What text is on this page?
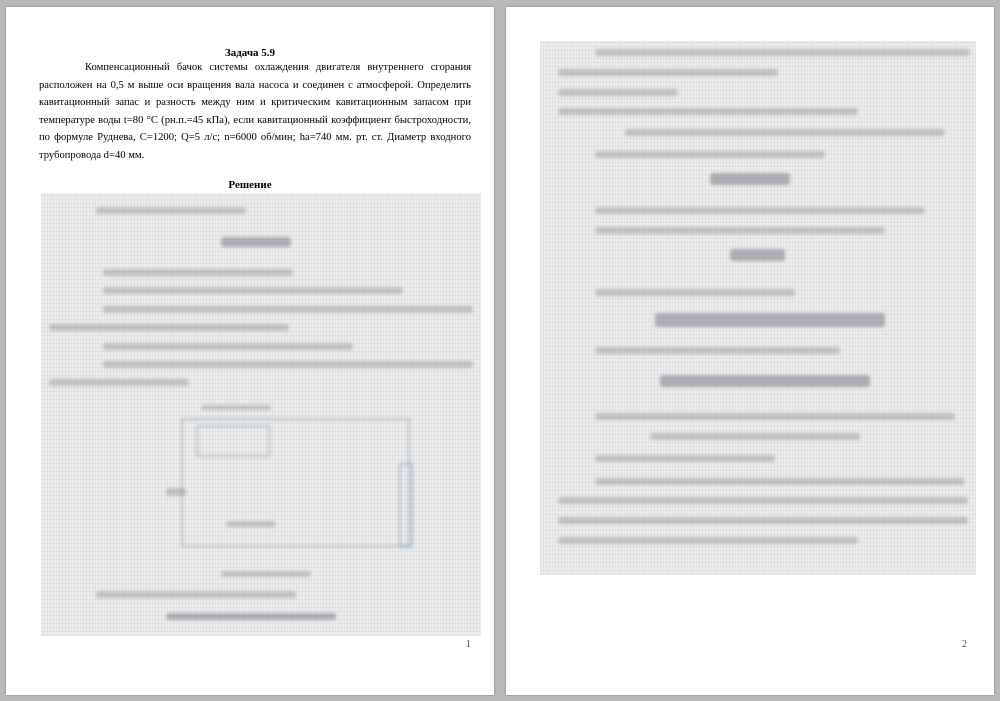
Задача 5.9

Компенсационный бачок системы охлаждения двигателя внутреннего сгорания расположен на 0,5 м выше оси вращения вала насоса и соединен с атмосферой. Определить кавитационный запас и разность между ним и критическим кавитационным запасом при температуре воды t=80 °C (pн.п.=45 кПа), если кавитационный коэффициент быстроходности, по формуле Руднева, C=1200; Q=5 л/с; n=6000 об/мин; hа=740 мм. рт. ст. Диаметр входного трубопровода d=40 мм.

Решение
1	2
